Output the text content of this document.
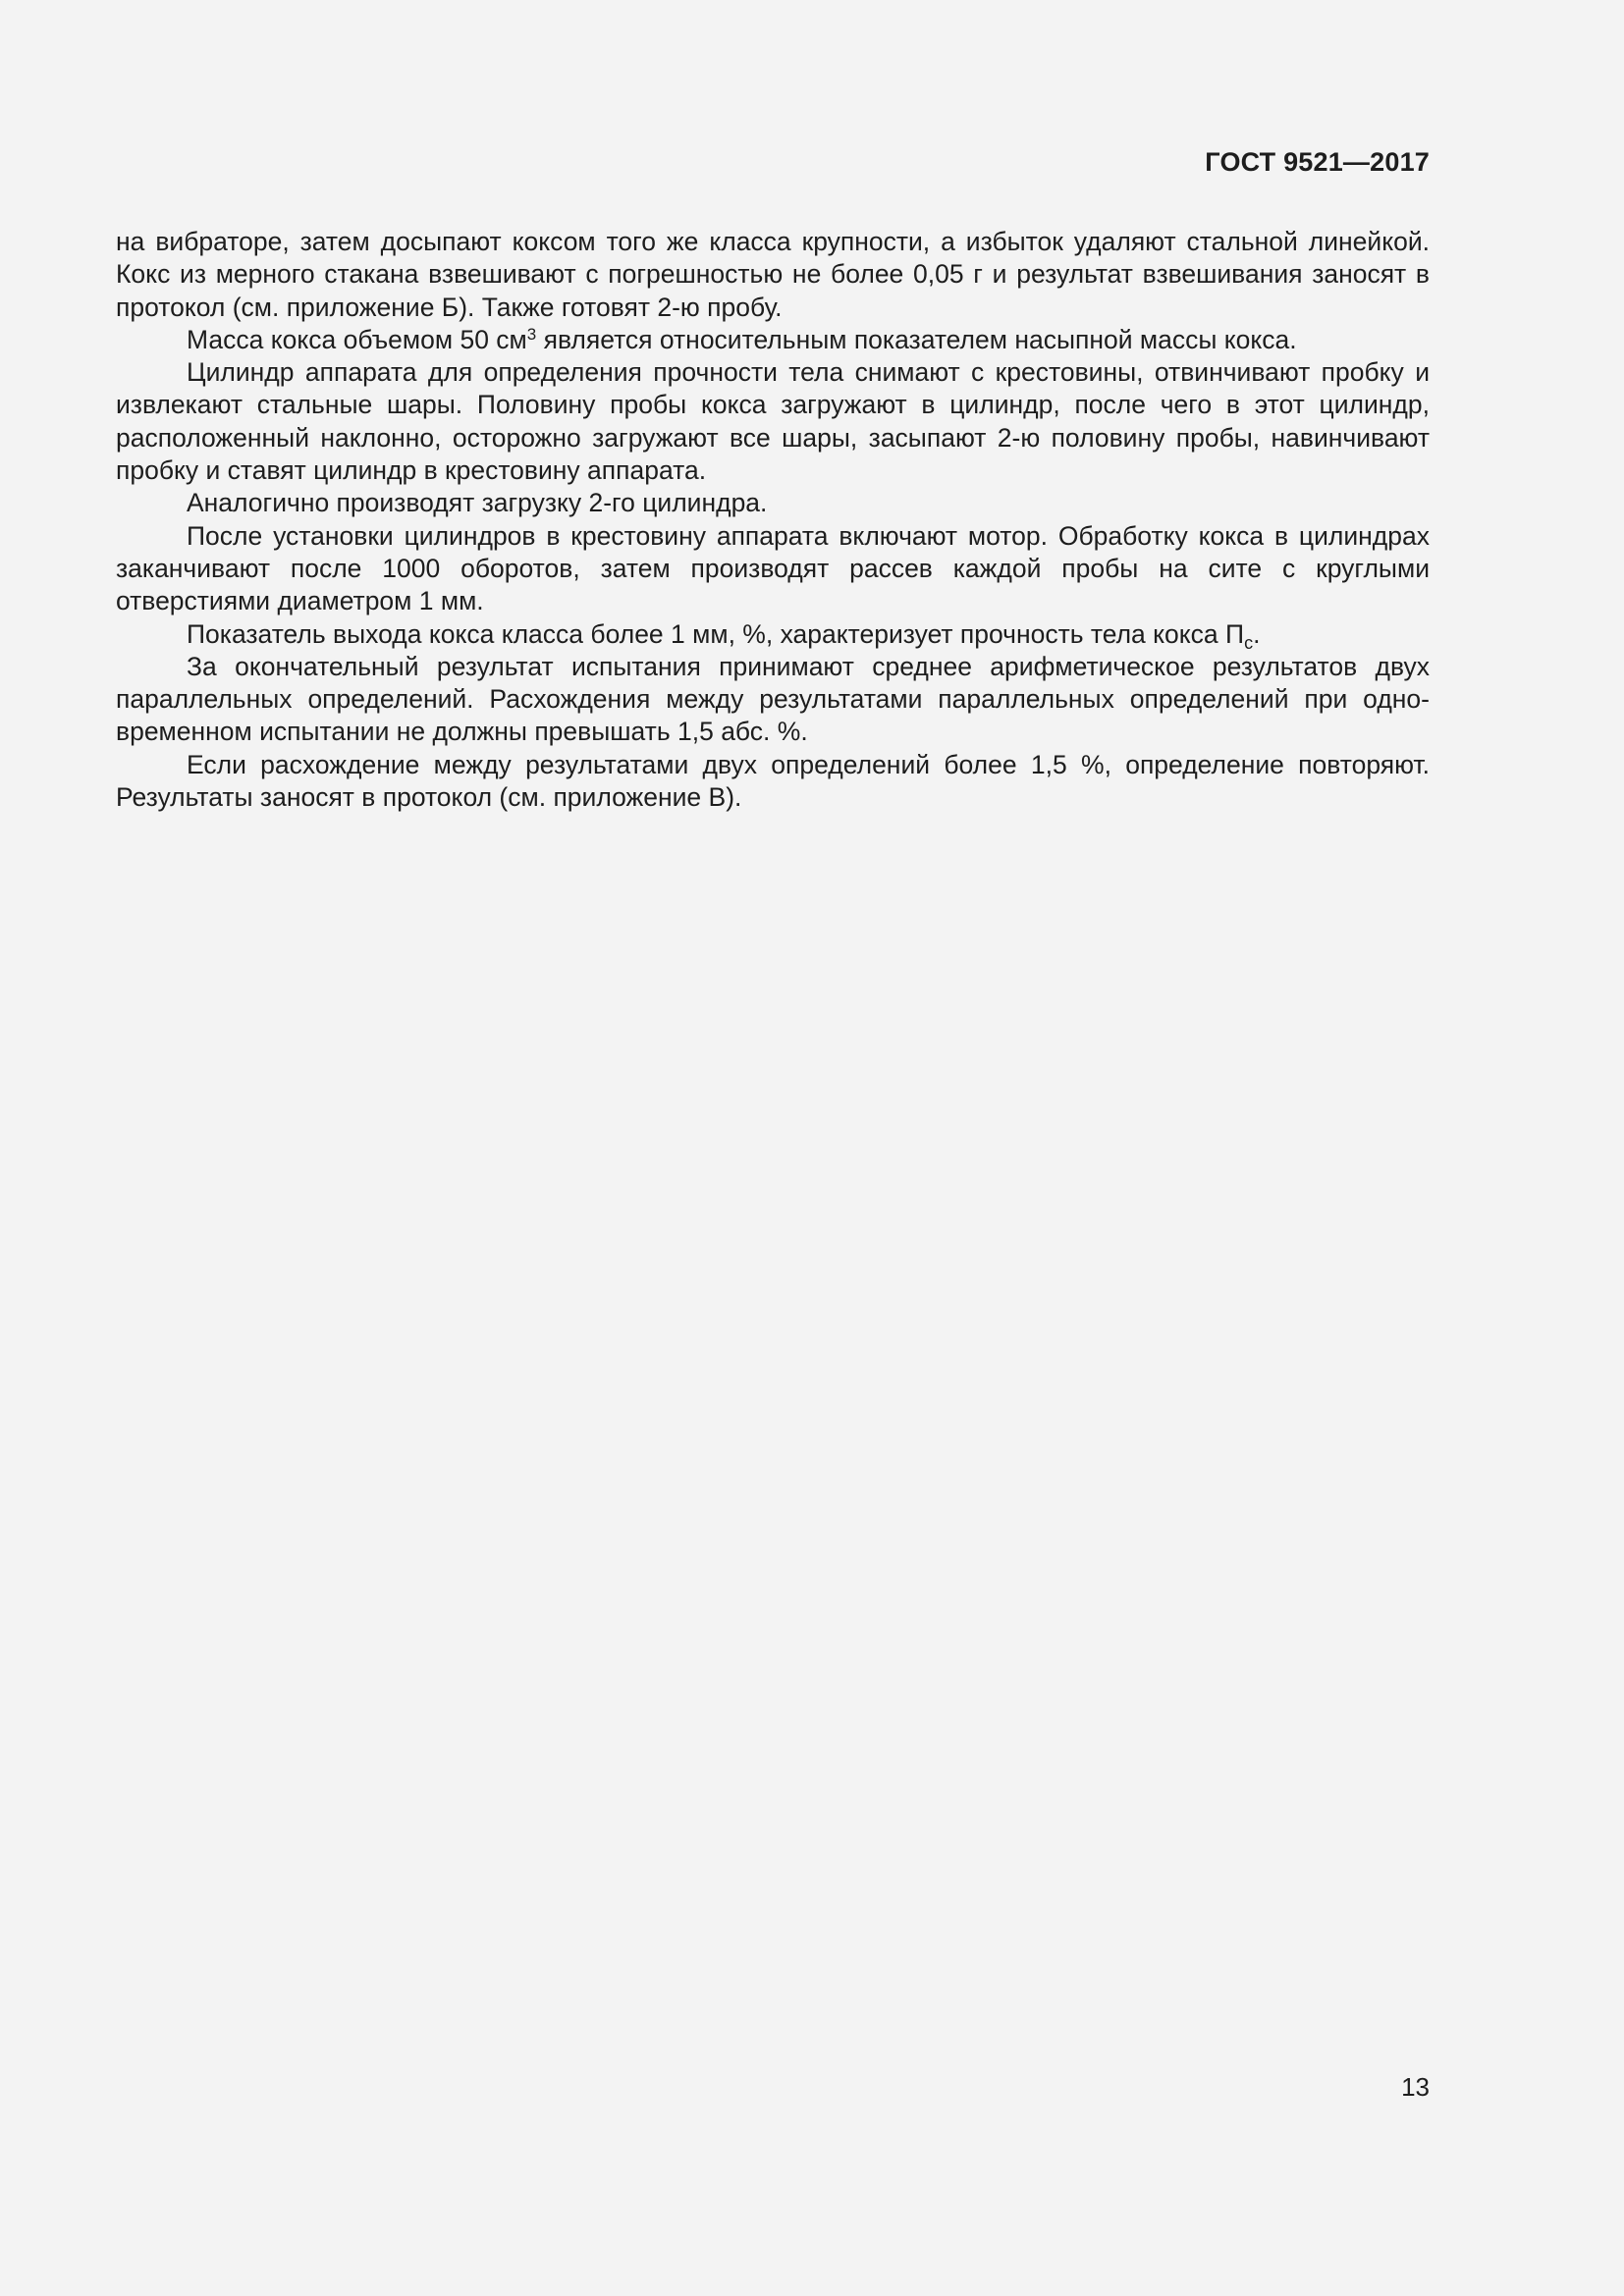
ГОСТ 9521—2017

на вибраторе, затем досыпают коксом того же класса крупности, а избыток удаляют стальной линейкой. Кокс из мерного стакана взвешивают с погрешностью не более 0,05 г и результат взвешивания заносят в протокол (см. приложение Б). Также готовят 2-ю пробу.

Масса кокса объемом 50 $см^3$ является относительным показателем насыпной массы кокса.

Цилиндр аппарата для определения прочности тела снимают с крестовины, отвинчивают пробку и извлекают стальные шары. Половину пробы кокса загружают в цилиндр, после чего в этот цилиндр, расположенный наклонно, осторожно загружают все шары, засыпают 2-ю половину пробы, навинчивают пробку и ставят цилиндр в крестовину аппарата.

Аналогично производят загрузку 2-го цилиндра.

После установки цилиндров в крестовину аппарата включают мотор. Обработку кокса в цилиндрах заканчивают после 1000 оборотов, затем производят рассев каждой пробы на сите с круглыми отверстиями диаметром 1 мм.

Показатель выхода кокса класса более 1 мм, %, характеризует прочность тела кокса $П_с$.

За окончательный результат испытания принимают среднее арифметическое результатов двух параллельных определений. Расхождения между результатами параллельных определений при одновременном испытании не должны превышать 1,5 абс. %.

Если расхождение между результатами двух определений более 1,5 %, определение повторяют. Результаты заносят в протокол (см. приложение В).

13
